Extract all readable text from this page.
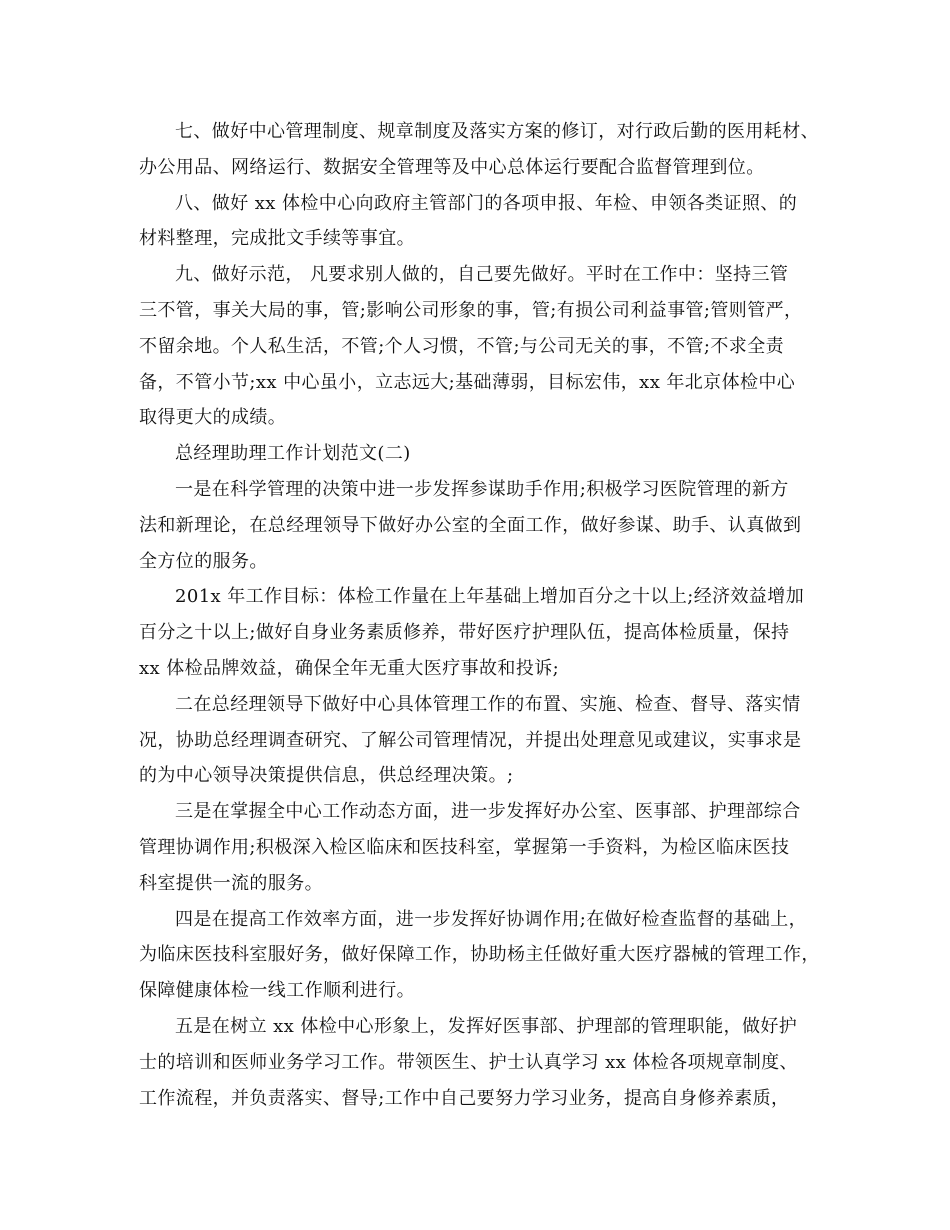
七、做好中心管理制度、规章制度及落实方案的修订，对行政后勤的医用耗材、
办公用品、网络运行、数据安全管理等及中心总体运行要配合监督管理到位。

八、做好 xx 体检中心向政府主管部门的各项申报、年检、申领各类证照、的
材料整理，完成批文手续等事宜。

九、做好示范， 凡要求别人做的，自己要先做好。平时在工作中：坚持三管
三不管，事关大局的事，管;影响公司形象的事，管;有损公司利益事管;管则管严，
不留余地。个人私生活，不管;个人习惯，不管;与公司无关的事，不管;不求全责
备，不管小节;xx 中心虽小，立志远大;基础薄弱，目标宏伟，xx 年北京体检中心
取得更大的成绩。

总经理助理工作计划范文(二)

一是在科学管理的决策中进一步发挥参谋助手作用;积极学习医院管理的新方
法和新理论，在总经理领导下做好办公室的全面工作，做好参谋、助手、认真做到
全方位的服务。

201x 年工作目标：体检工作量在上年基础上增加百分之十以上;经济效益增加
百分之十以上;做好自身业务素质修养，带好医疗护理队伍，提高体检质量，保持
xx 体检品牌效益，确保全年无重大医疗事故和投诉;

二在总经理领导下做好中心具体管理工作的布置、实施、检查、督导、落实情
况，协助总经理调查研究、了解公司管理情况，并提出处理意见或建议，实事求是
的为中心领导决策提供信息，供总经理决策。;

三是在掌握全中心工作动态方面，进一步发挥好办公室、医事部、护理部综合
管理协调作用;积极深入检区临床和医技科室，掌握第一手资料，为检区临床医技
科室提供一流的服务。

四是在提高工作效率方面，进一步发挥好协调作用;在做好检查监督的基础上，
为临床医技科室服好务，做好保障工作，协助杨主任做好重大医疗器械的管理工作，
保障健康体检一线工作顺利进行。

五是在树立 xx 体检中心形象上，发挥好医事部、护理部的管理职能，做好护
士的培训和医师业务学习工作。带领医生、护士认真学习 xx 体检各项规章制度、
工作流程，并负责落实、督导;工作中自己要努力学习业务，提高自身修养素质，
